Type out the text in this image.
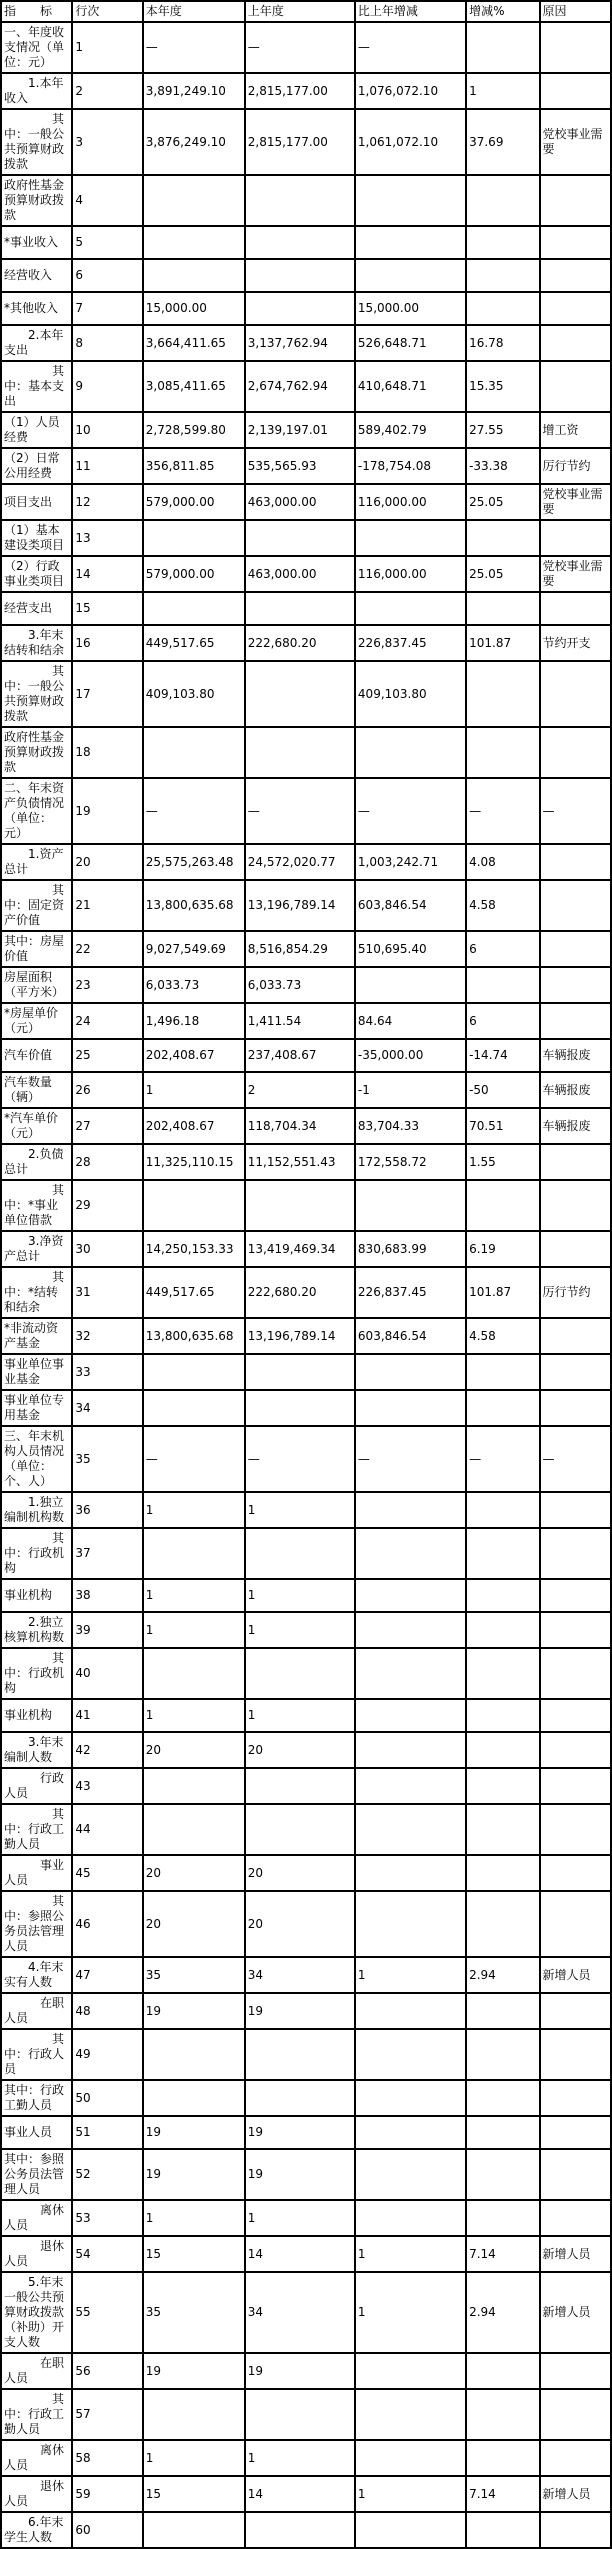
指　　标	行次	本年度	上年度	比上年增减	增减%	原因
一、年度收支情况（单位：元）	1	—	—	—		
　　1.本年收入	2	3,891,249.10	2,815,177.00	1,076,072.10	1	
　　　　其中：一般公共预算财政拨款	3	3,876,249.10	2,815,177.00	1,061,072.10	37.69	党校事业需要
政府性基金预算财政拨款	4					
*事业收入	5					
经营收入	6					
*其他收入	7	15,000.00		15,000.00		
　　2.本年支出	8	3,664,411.65	3,137,762.94	526,648.71	16.78	
　　　　其中：基本支出	9	3,085,411.65	2,674,762.94	410,648.71	15.35	
（1）人员经费	10	2,728,599.80	2,139,197.01	589,402.79	27.55	增工资
（2）日常公用经费	11	356,811.85	535,565.93	-178,754.08	-33.38	厉行节约
项目支出	12	579,000.00	463,000.00	116,000.00	25.05	党校事业需要
（1）基本建设类项目	13					
（2）行政事业类项目	14	579,000.00	463,000.00	116,000.00	25.05	党校事业需要
经营支出	15					
　　3.年末结转和结余	16	449,517.65	222,680.20	226,837.45	101.87	节约开支
　　　　其中：一般公共预算财政拨款	17	409,103.80		409,103.80		
政府性基金预算财政拨款	18					
二、年末资产负债情况（单位：元）	19	—	—	—	—	—
　　1.资产总计	20	25,575,263.48	24,572,020.77	1,003,242.71	4.08	
　　　　其中：固定资产价值	21	13,800,635.68	13,196,789.14	603,846.54	4.58	
其中：房屋价值	22	9,027,549.69	8,516,854.29	510,695.40	6	
房屋面积（平方米）	23	6,033.73	6,033.73			
*房屋单价（元）	24	1,496.18	1,411.54	84.64	6	
汽车价值	25	202,408.67	237,408.67	-35,000.00	-14.74	车辆报废
汽车数量（辆）	26	1	2	-1	-50	车辆报废
*汽车单价（元）	27	202,408.67	118,704.34	83,704.33	70.51	车辆报废
　　2.负债总计	28	11,325,110.15	11,152,551.43	172,558.72	1.55	
　　　　其中：*事业单位借款	29					
　　3.净资产总计	30	14,250,153.33	13,419,469.34	830,683.99	6.19	
　　　　其中：*结转和结余	31	449,517.65	222,680.20	226,837.45	101.87	厉行节约
*非流动资产基金	32	13,800,635.68	13,196,789.14	603,846.54	4.58	
事业单位事业基金	33					
事业单位专用基金	34					
三、年末机构人员情况（单位：个、人）	35	—	—	—	—	—
　　1.独立编制机构数	36	1	1			
　　　　其中：行政机构	37					
事业机构	38	1	1			
　　2.独立核算机构数	39	1	1			
　　　　其中：行政机构	40					
事业机构	41	1	1			
　　3.年末编制人数	42	20	20			
　　　行政人员	43					
　　　　其中：行政工勤人员	44					
　　　事业人员	45	20	20			
　　　　其中：参照公务员法管理人员	46	20	20			
　　4.年末实有人数	47	35	34	1	2.94	新增人员
　　　在职人员	48	19	19			
　　　　其中：行政人员	49					
其中：行政工勤人员	50					
事业人员	51	19	19			
其中：参照公务员法管理人员	52	19	19			
　　　离休人员	53	1	1			
　　　退休人员	54	15	14	1	7.14	新增人员
　　5.年末一般公共预算财政拨款（补助）开支人数	55	35	34	1	2.94	新增人员
　　　在职人员	56	19	19			
　　　　其中：行政工勤人员	57					
　　　离休人员	58	1	1			
　　　退休人员	59	15	14	1	7.14	新增人员
　　6.年末学生人数	60					
